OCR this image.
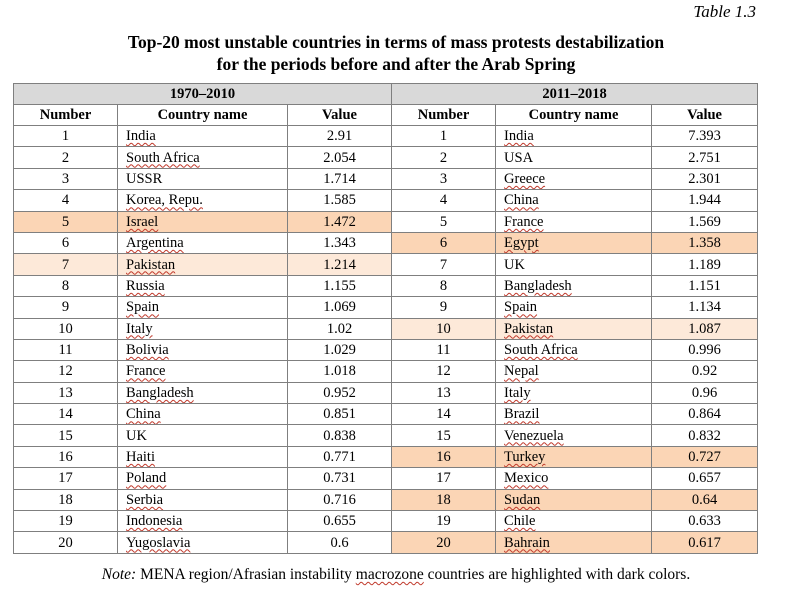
Table 1.3
Top-20 most unstable countries in terms of mass protests destabilization
for the periods before and after the Arab Spring
1970–2010			2011–2018		
Number	Country name	Value	Number	Country name	Value
1	India	2.91	1	India	7.393
2	South Africa	2.054	2	USA	2.751
3	USSR	1.714	3	Greece	2.301
4	Korea, Repu.	1.585	4	China	1.944
5	Israel	1.472	5	France	1.569
6	Argentina	1.343	6	Egypt	1.358
7	Pakistan	1.214	7	UK	1.189
8	Russia	1.155	8	Bangladesh	1.151
9	Spain	1.069	9	Spain	1.134
10	Italy	1.02	10	Pakistan	1.087
11	Bolivia	1.029	11	South Africa	0.996
12	France	1.018	12	Nepal	0.92
13	Bangladesh	0.952	13	Italy	0.96
14	China	0.851	14	Brazil	0.864
15	UK	0.838	15	Venezuela	0.832
16	Haiti	0.771	16	Turkey	0.727
17	Poland	0.731	17	Mexico	0.657
18	Serbia	0.716	18	Sudan	0.64
19	Indonesia	0.655	19	Chile	0.633
20	Yugoslavia	0.6	20	Bahrain	0.617
Note: MENA region/Afrasian instability macrozone countries are highlighted with dark colors.
